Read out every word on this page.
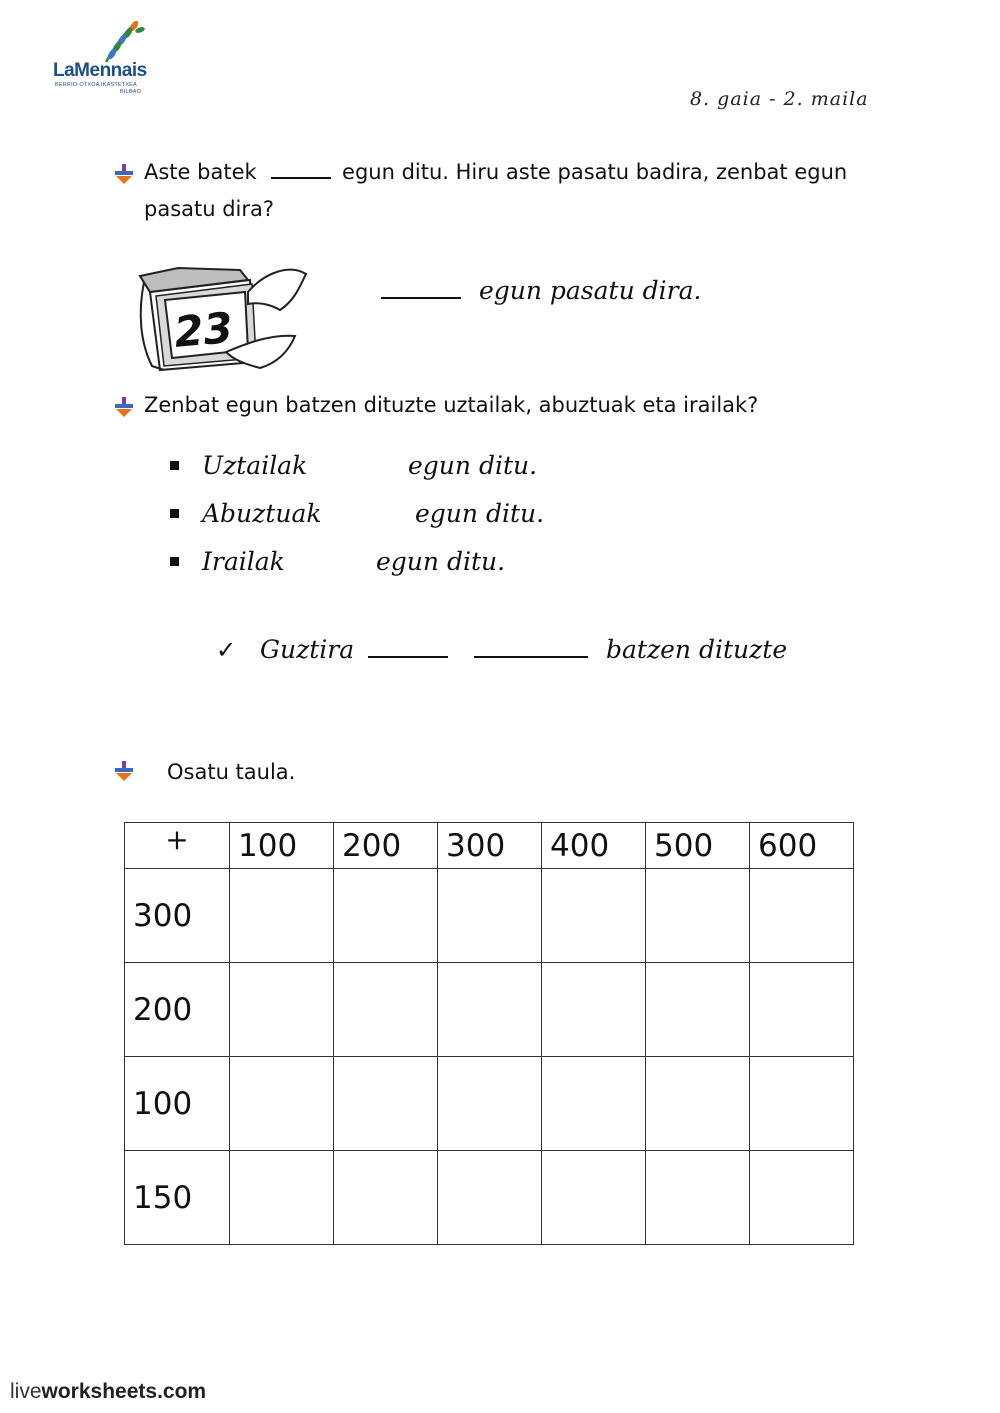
LaMennais
BERRIO-OTXOA IKASTETXEA
BILBAO	8. gaia - 2. maila
Aste batek	egun ditu. Hiru aste pasatu badira, zenbat egun
pasatu dira?
23
egun pasatu dira.
Zenbat egun batzen dituzte uztailak, abuztuak eta irailak?
Uztailak	egun ditu.
Abuztuak	egun ditu.
Irailak	egun ditu.
✓ Guztira	batzen dituzte
Osatu taula.
+	100	200	300	400	500	600
300						
200						
100						
150						
liveworksheets.com
